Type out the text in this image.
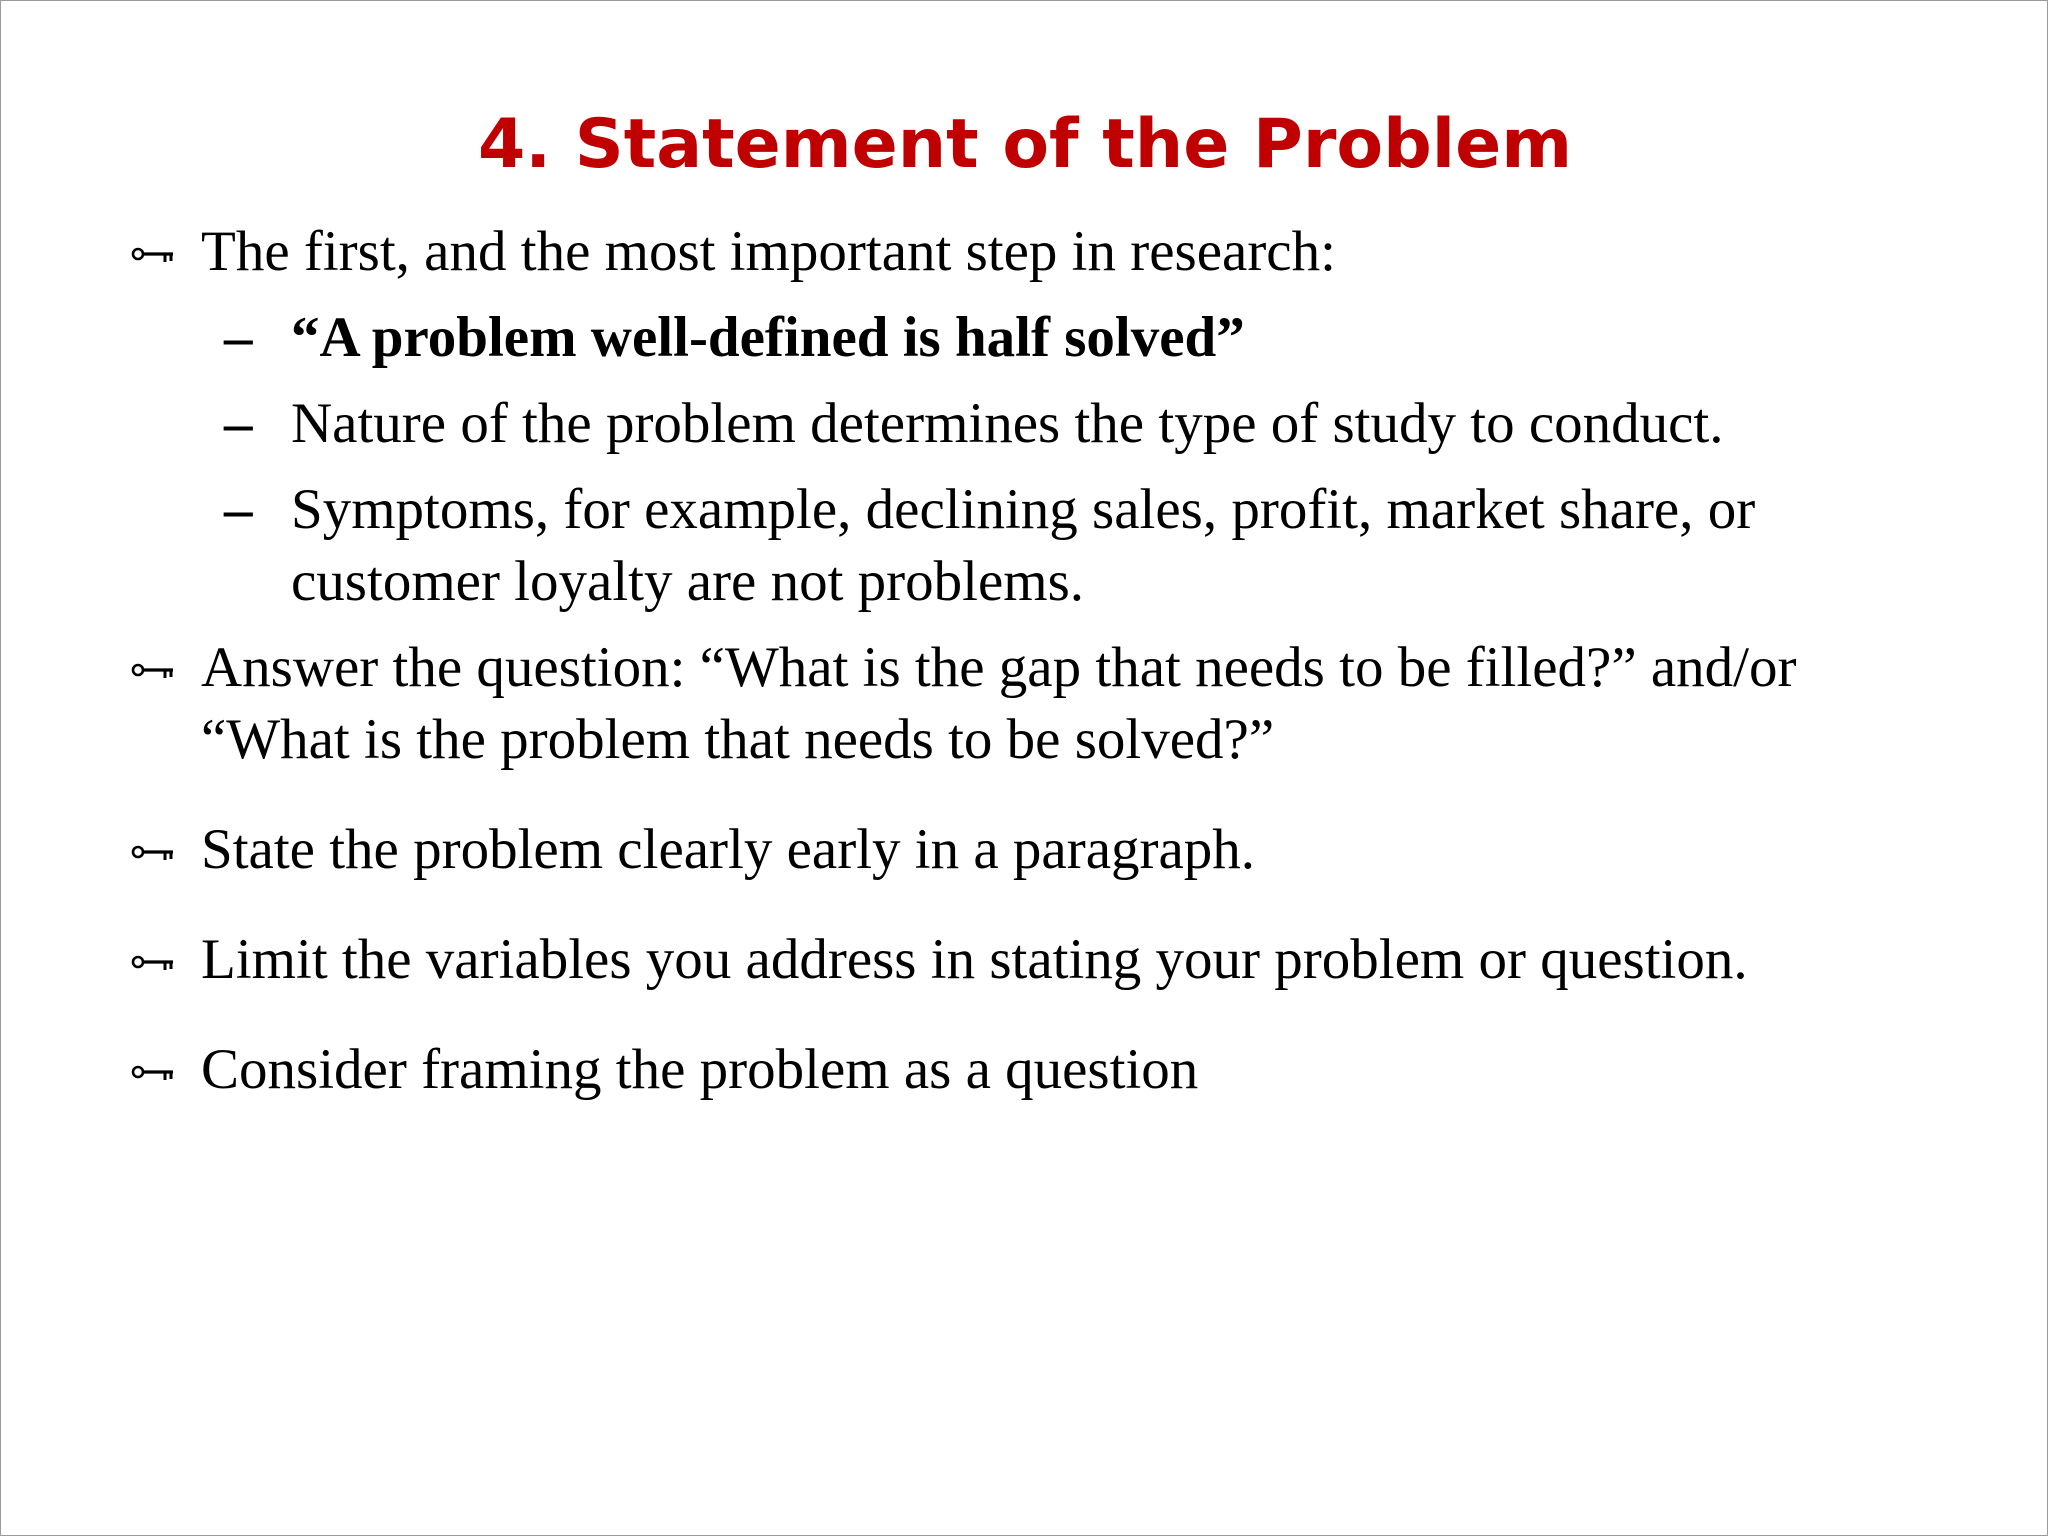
4. Statement of the Problem
The first, and the most important step in research:
– “A problem well-defined is half solved”
– Nature of the problem determines the type of study to conduct.
– Symptoms, for example, declining sales, profit, market share, or customer loyalty are not problems.
Answer the question: “What is the gap that needs to be filled?” and/or “What is the problem that needs to be solved?”
State the problem clearly early in a paragraph.
Limit the variables you address in stating your problem or question.
Consider framing the problem as a question
